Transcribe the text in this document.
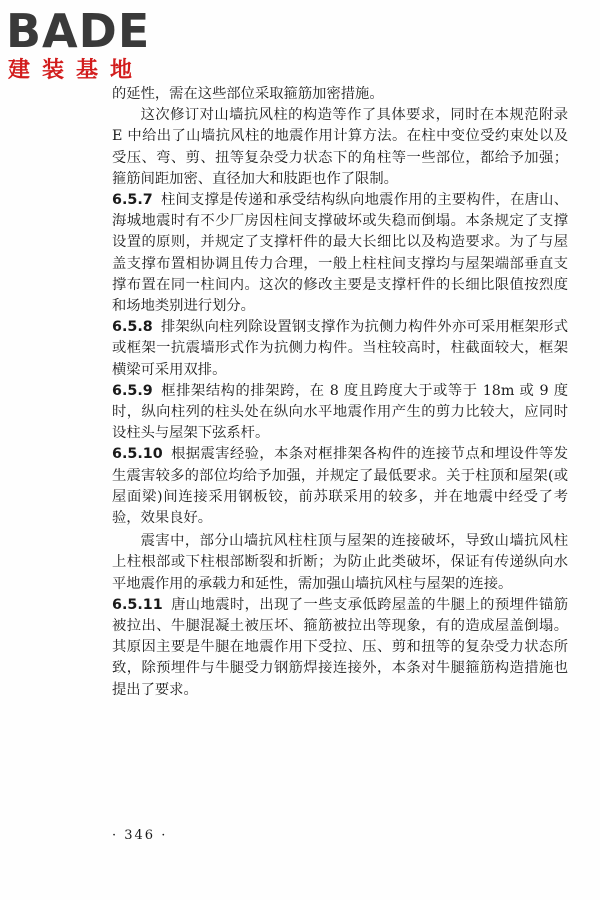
BADE
建装基地

的延性，需在这些部位采取箍筋加密措施。

这次修订对山墙抗风柱的构造等作了具体要求，同时在本规范附录 E 中给出了山墙抗风柱的地震作用计算方法。在柱中变位受约束处以及受压、弯、剪、扭等复杂受力状态下的角柱等一些部位，都给予加强；箍筋间距加密、直径加大和肢距也作了限制。

6.5.7 柱间支撑是传递和承受结构纵向地震作用的主要构件，在唐山、海城地震时有不少厂房因柱间支撑破坏或失稳而倒塌。本条规定了支撑设置的原则，并规定了支撑杆件的最大长细比以及构造要求。为了与屋盖支撑布置相协调且传力合理，一般上柱柱间支撑均与屋架端部垂直支撑布置在同一柱间内。这次的修改主要是支撑杆件的长细比限值按烈度和场地类别进行划分。

6.5.8 排架纵向柱列除设置钢支撑作为抗侧力构件外亦可采用框架形式或框架一抗震墙形式作为抗侧力构件。当柱较高时，柱截面较大，框架横梁可采用双排。

6.5.9 框排架结构的排架跨，在 8 度且跨度大于或等于 18m 或 9 度时，纵向柱列的柱头处在纵向水平地震作用产生的剪力比较大，应同时设柱头与屋架下弦系杆。

6.5.10 根据震害经验，本条对框排架各构件的连接节点和埋设件等发生震害较多的部位均给予加强，并规定了最低要求。关于柱顶和屋架(或屋面梁)间连接采用钢板铰，前苏联采用的较多，并在地震中经受了考验，效果良好。

震害中，部分山墙抗风柱柱顶与屋架的连接破坏，导致山墙抗风柱上柱根部或下柱根部断裂和折断；为防止此类破坏，保证有传递纵向水平地震作用的承载力和延性，需加强山墙抗风柱与屋架的连接。

6.5.11 唐山地震时，出现了一些支承低跨屋盖的牛腿上的预埋件锚筋被拉出、牛腿混凝土被压坏、箍筋被拉出等现象，有的造成屋盖倒塌。其原因主要是牛腿在地震作用下受拉、压、剪和扭等的复杂受力状态所致，除预埋件与牛腿受力钢筋焊接连接外，本条对牛腿箍筋构造措施也提出了要求。

· 346 ·
